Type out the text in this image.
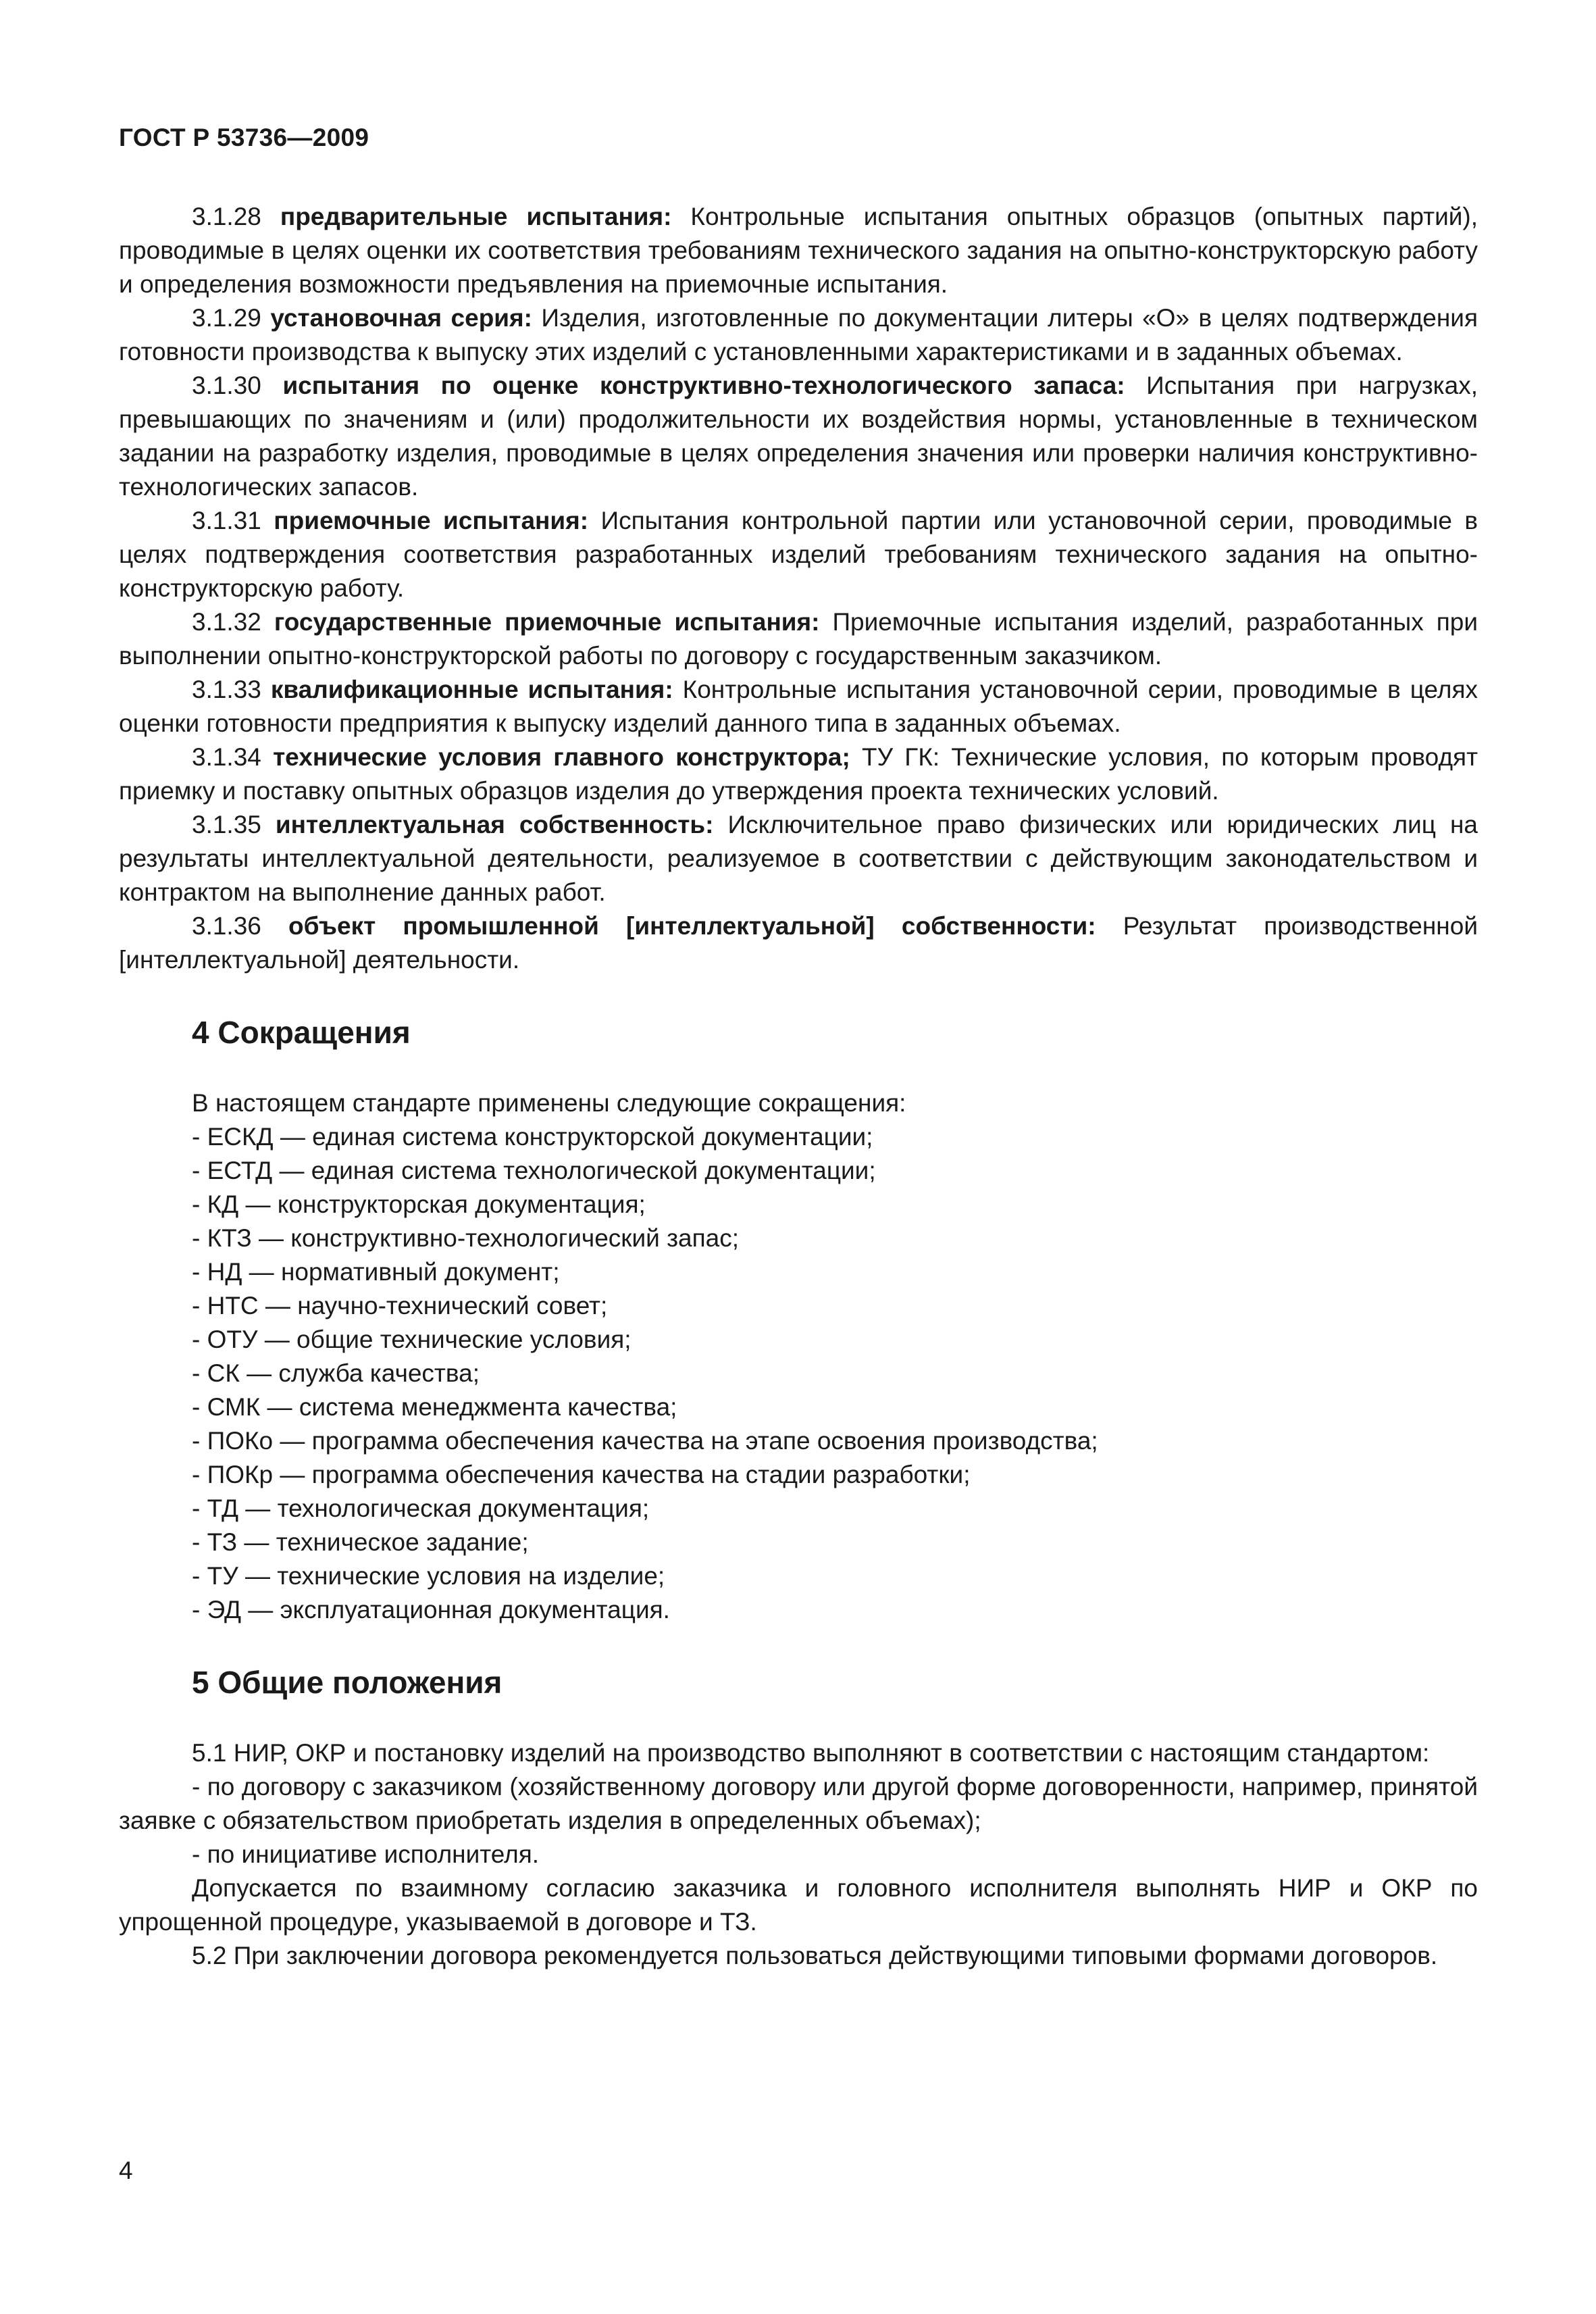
ГОСТ Р 53736—2009

3.1.28 предварительные испытания: Контрольные испытания опытных образцов (опытных партий), проводимые в целях оценки их соответствия требованиям технического задания на опытно-конструкторскую работу и определения возможности предъявления на приемочные испытания.

3.1.29 установочная серия: Изделия, изготовленные по документации литеры «О» в целях подтверждения готовности производства к выпуску этих изделий с установленными характеристиками и в заданных объемах.

3.1.30 испытания по оценке конструктивно-технологического запаса: Испытания при нагрузках, превышающих по значениям и (или) продолжительности их воздействия нормы, установленные в техническом задании на разработку изделия, проводимые в целях определения значения или проверки наличия конструктивно-технологических запасов.

3.1.31 приемочные испытания: Испытания контрольной партии или установочной серии, проводимые в целях подтверждения соответствия разработанных изделий требованиям технического задания на опытно-конструкторскую работу.

3.1.32 государственные приемочные испытания: Приемочные испытания изделий, разработанных при выполнении опытно-конструкторской работы по договору с государственным заказчиком.

3.1.33 квалификационные испытания: Контрольные испытания установочной серии, проводимые в целях оценки готовности предприятия к выпуску изделий данного типа в заданных объемах.

3.1.34 технические условия главного конструктора; ТУ ГК: Технические условия, по которым проводят приемку и поставку опытных образцов изделия до утверждения проекта технических условий.

3.1.35 интеллектуальная собственность: Исключительное право физических или юридических лиц на результаты интеллектуальной деятельности, реализуемое в соответствии с действующим законодательством и контрактом на выполнение данных работ.

3.1.36 объект промышленной [интеллектуальной] собственности: Результат производственной [интеллектуальной] деятельности.

4 Сокращения

В настоящем стандарте применены следующие сокращения:

- ЕСКД — единая система конструкторской документации;
- ЕСТД — единая система технологической документации;
- КД — конструкторская документация;
- КТЗ — конструктивно-технологический запас;
- НД — нормативный документ;
- НТС — научно-технический совет;
- ОТУ — общие технические условия;
- СК — служба качества;
- СМК — система менеджмента качества;
- ПОКо — программа обеспечения качества на этапе освоения производства;
- ПОКр — программа обеспечения качества на стадии разработки;
- ТД — технологическая документация;
- ТЗ — техническое задание;
- ТУ — технические условия на изделие;
- ЭД — эксплуатационная документация.
5 Общие положения

5.1 НИР, ОКР и постановку изделий на производство выполняют в соответствии с настоящим стандартом:

- по договору с заказчиком (хозяйственному договору или другой форме договоренности, например, принятой заявке с обязательством приобретать изделия в определенных объемах);

- по инициативе исполнителя.

Допускается по взаимному согласию заказчика и головного исполнителя выполнять НИР и ОКР по упрощенной процедуре, указываемой в договоре и ТЗ.

5.2 При заключении договора рекомендуется пользоваться действующими типовыми формами договоров.

4
